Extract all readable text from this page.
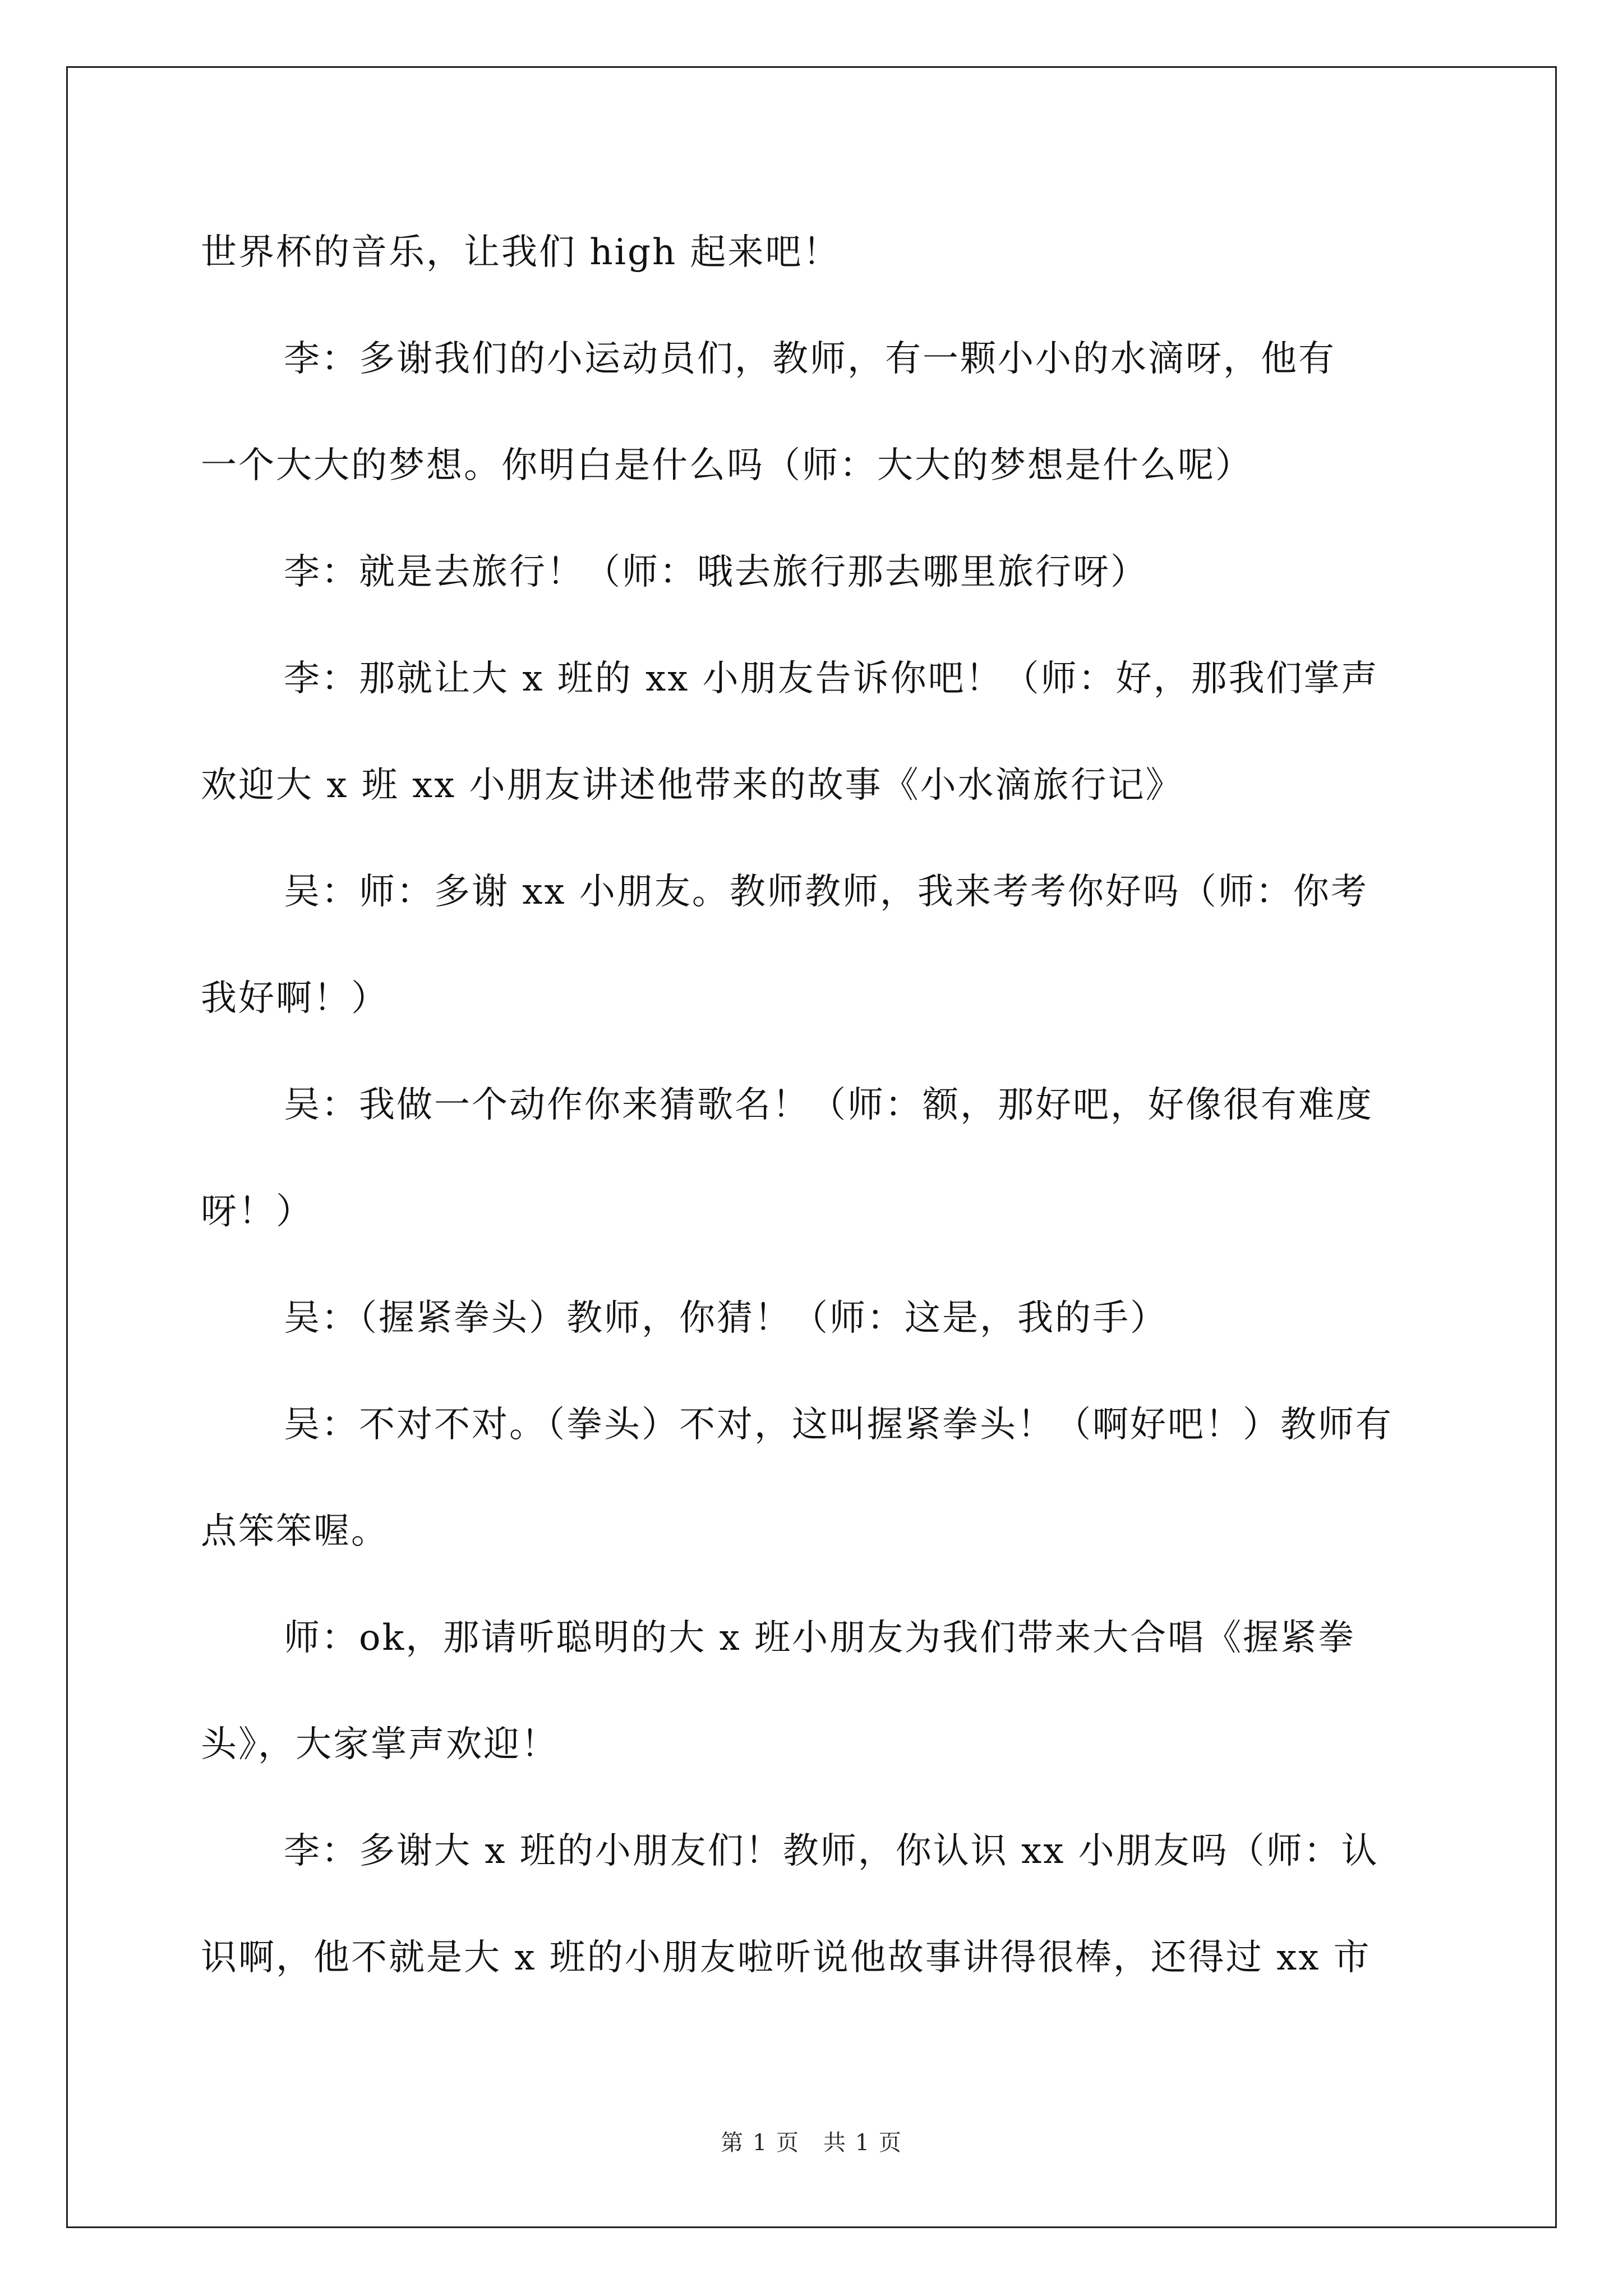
世界杯的音乐，让我们 high 起来吧！
李：多谢我们的小运动员们，教师，有一颗小小的水滴呀，他有
一个大大的梦想。你明白是什么吗（师：大大的梦想是什么呢）
李：就是去旅行！（师：哦去旅行那去哪里旅行呀）
李：那就让大 x 班的 xx 小朋友告诉你吧！（师：好，那我们掌声
欢迎大 x 班 xx 小朋友讲述他带来的故事《小水滴旅行记》
吴：师：多谢 xx 小朋友。教师教师，我来考考你好吗（师：你考
我好啊！）
吴：我做一个动作你来猜歌名！（师：额，那好吧，好像很有难度
呀！）
吴：（握紧拳头）教师，你猜！（师：这是，我的手）
吴：不对不对。（拳头）不对，这叫握紧拳头！（啊好吧！）教师有
点笨笨喔。
师：ok，那请听聪明的大 x 班小朋友为我们带来大合唱《握紧拳
头》，大家掌声欢迎！
李：多谢大 x 班的小朋友们！教师，你认识 xx 小朋友吗（师：认
识啊，他不就是大 x 班的小朋友啦听说他故事讲得很棒，还得过 xx 市
第 1 页　共 1 页
